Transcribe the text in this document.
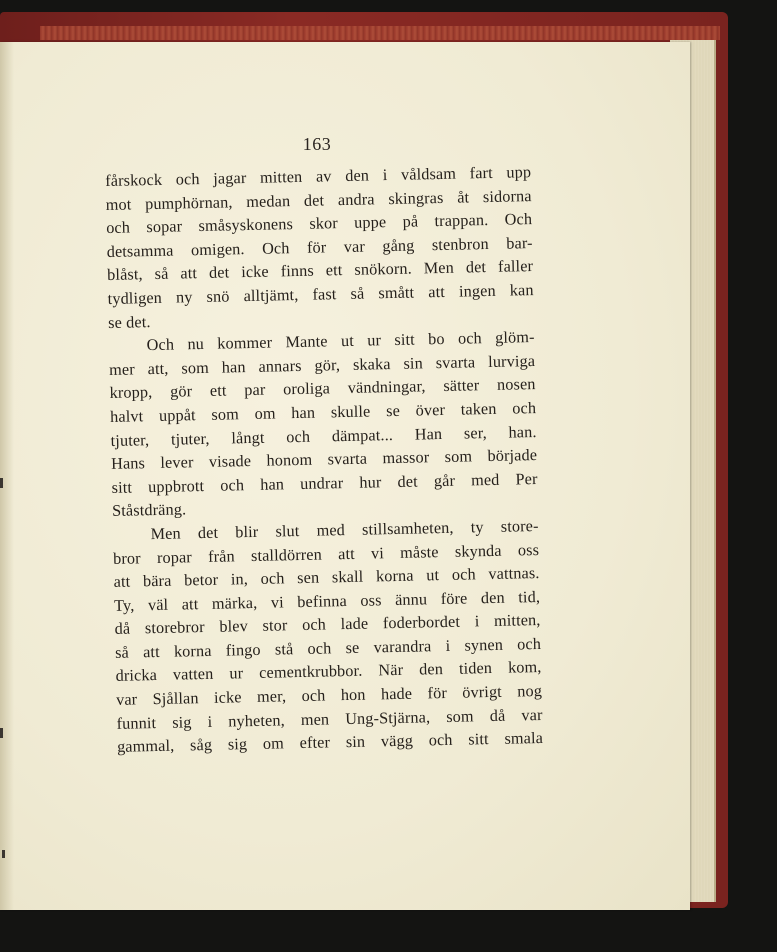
163
fårskock och jagar mitten av den i våldsam fart upp
mot pumphörnan, medan det andra skingras åt sidorna
och sopar småsyskonens skor uppe på trappan. Och
detsamma omigen. Och för var gång stenbron bar-
blåst, så att det icke finns ett snökorn. Men det faller
tydligen ny snö alltjämt, fast så smått att ingen kan
se det.
Och nu kommer Mante ut ur sitt bo och glöm-
mer att, som han annars gör, skaka sin svarta lurviga
kropp, gör ett par oroliga vändningar, sätter nosen
halvt uppåt som om han skulle se över taken och
tjuter, tjuter, långt och dämpat... Han ser, han.
Hans lever visade honom svarta massor som började
sitt uppbrott och han undrar hur det går med Per
Ståstdräng.
Men det blir slut med stillsamheten, ty store-
bror ropar från stalldörren att vi måste skynda oss
att bära betor in, och sen skall korna ut och vattnas.
Ty, väl att märka, vi befinna oss ännu före den tid,
då storebror blev stor och lade foderbordet i mitten,
så att korna fingo stå och se varandra i synen och
dricka vatten ur cementkrubbor. När den tiden kom,
var Sjållan icke mer, och hon hade för övrigt nog
funnit sig i nyheten, men Ung-Stjärna, som då var
gammal, såg sig om efter sin vägg och sitt smala
